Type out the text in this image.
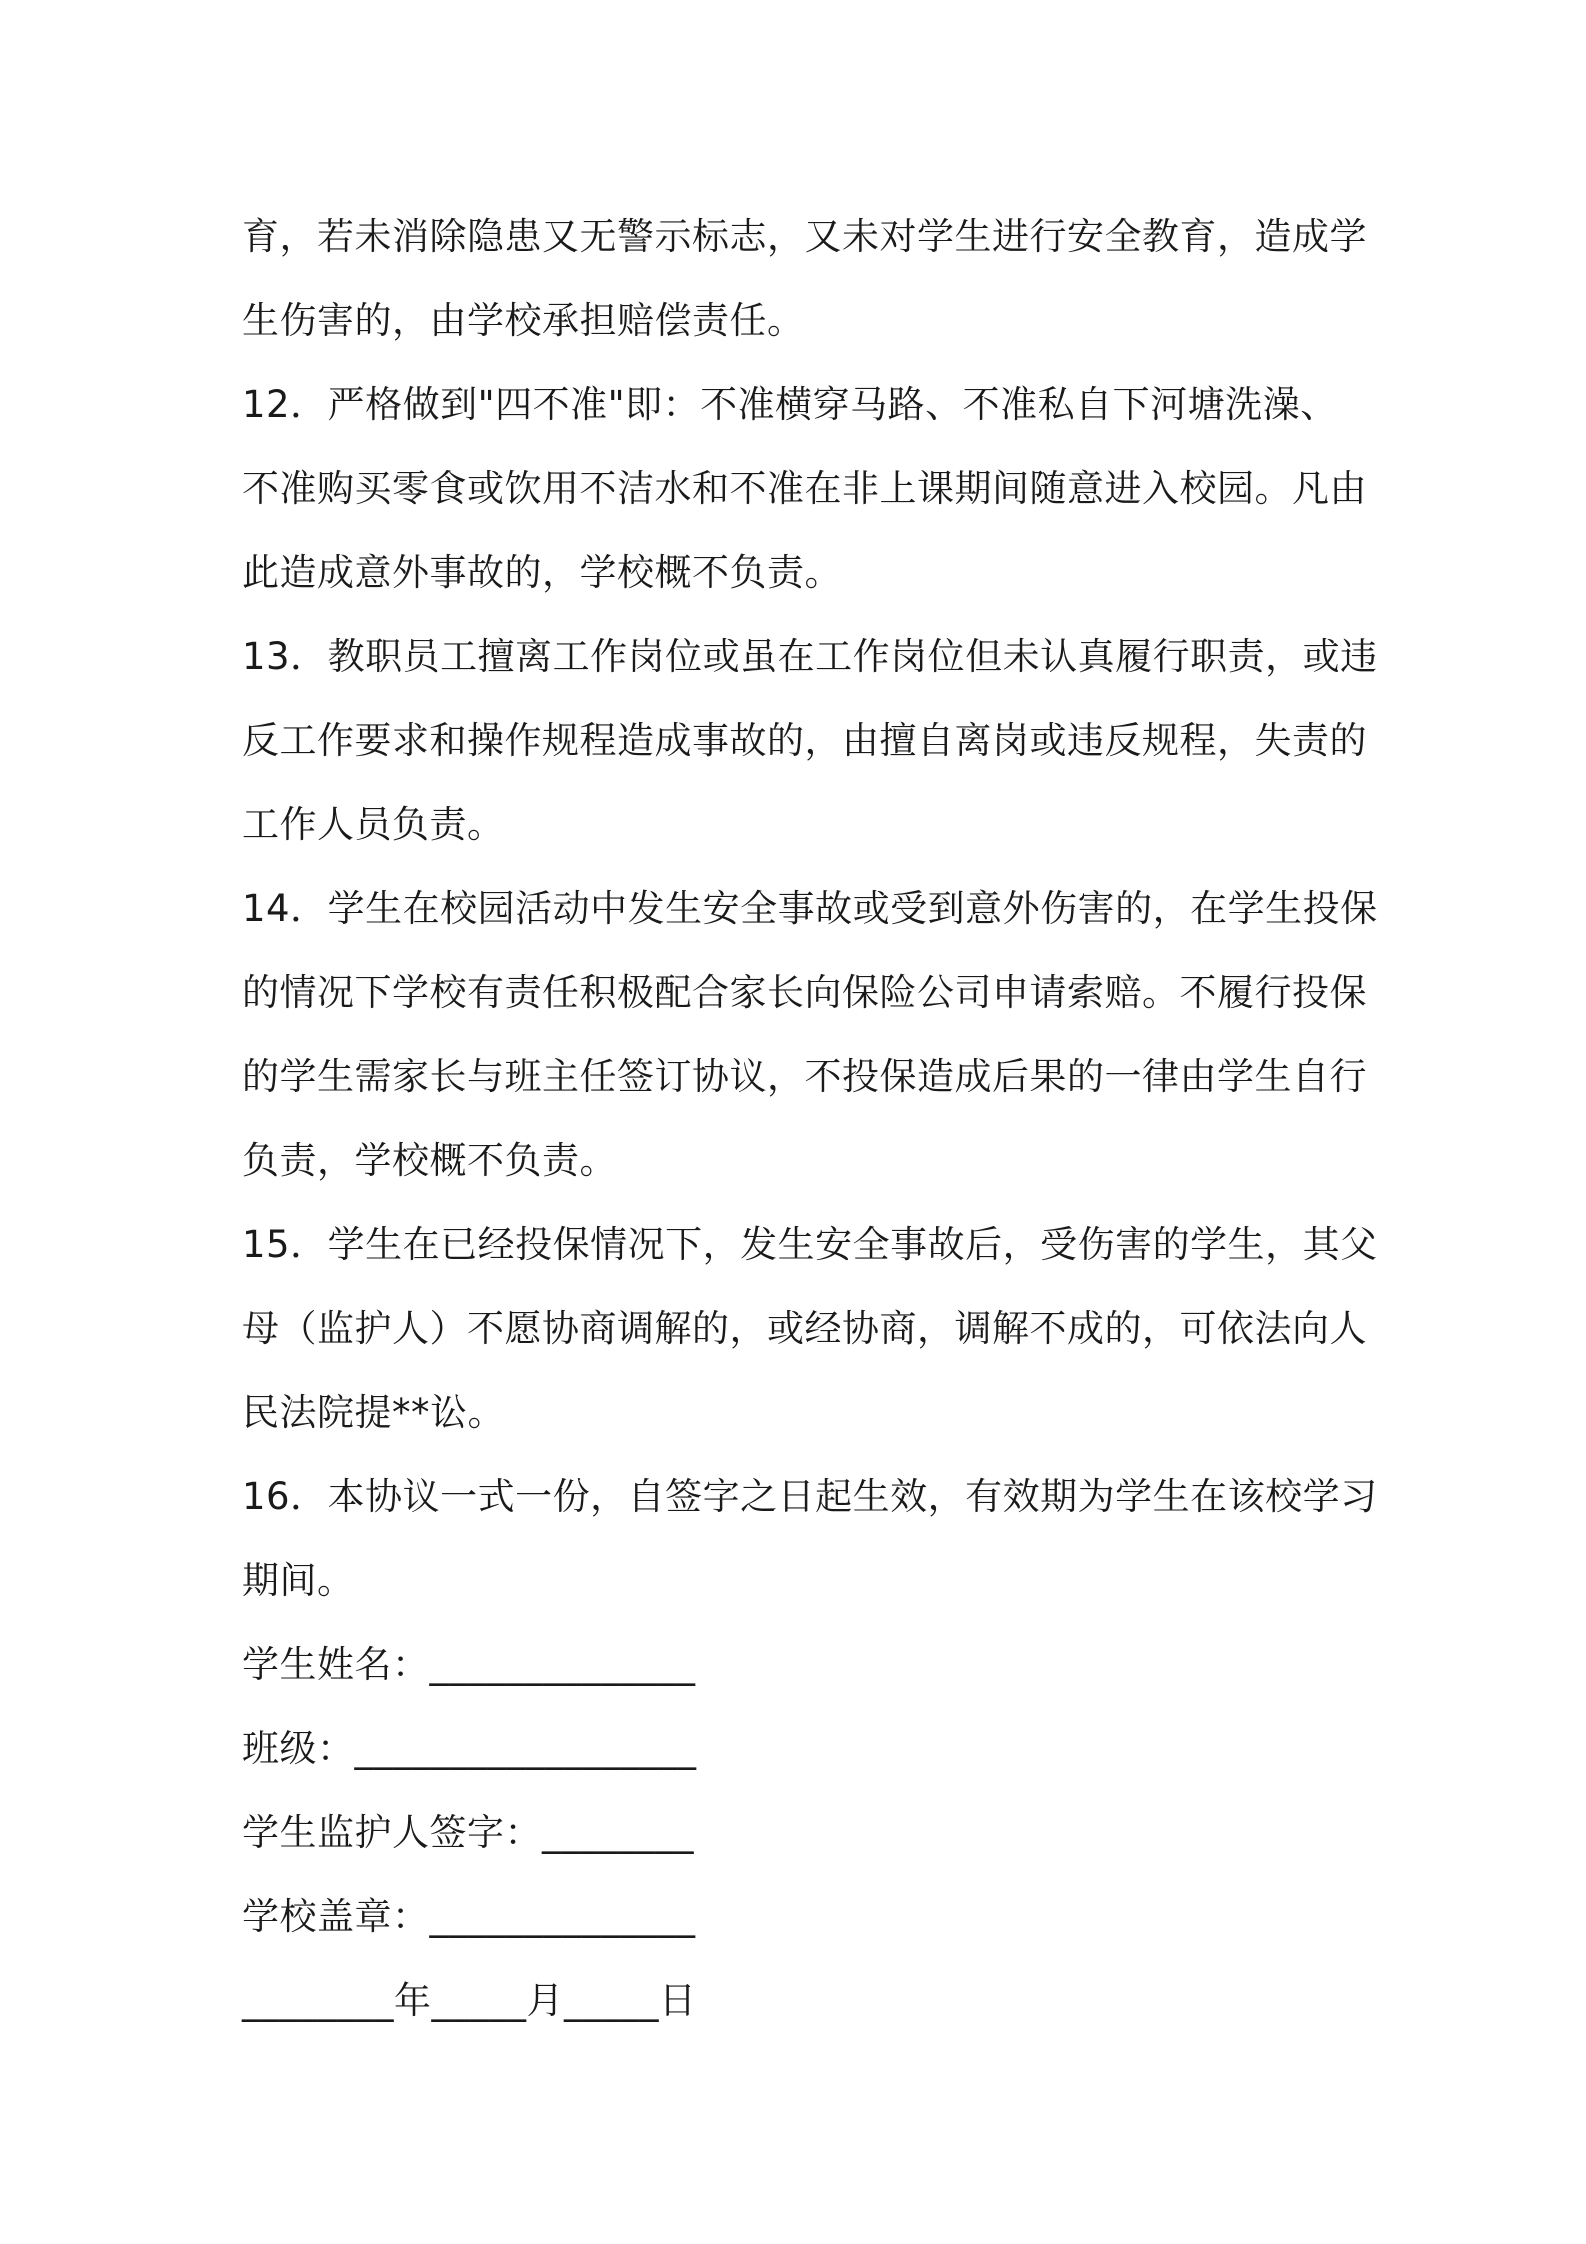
育，若未消除隐患又无警示标志，又未对学生进行安全教育，造成学
生伤害的，由学校承担赔偿责任。
12．严格做到"四不准"即：不准横穿马路、不准私自下河塘洗澡、
不准购买零食或饮用不洁水和不准在非上课期间随意进入校园。凡由
此造成意外事故的，学校概不负责。
13．教职员工擅离工作岗位或虽在工作岗位但未认真履行职责，或违
反工作要求和操作规程造成事故的，由擅自离岗或违反规程，失责的
工作人员负责。
14．学生在校园活动中发生安全事故或受到意外伤害的，在学生投保
的情况下学校有责任积极配合家长向保险公司申请索赔。不履行投保
的学生需家长与班主任签订协议，不投保造成后果的一律由学生自行
负责，学校概不负责。
15．学生在已经投保情况下，发生安全事故后，受伤害的学生，其父
母（监护人）不愿协商调解的，或经协商，调解不成的，可依法向人
民法院提**讼。
16．本协议一式一份，自签字之日起生效，有效期为学生在该校学习
期间。
学生姓名：______________
班级：__________________
学生监护人签字：________
学校盖章：______________
________年_____月_____日
